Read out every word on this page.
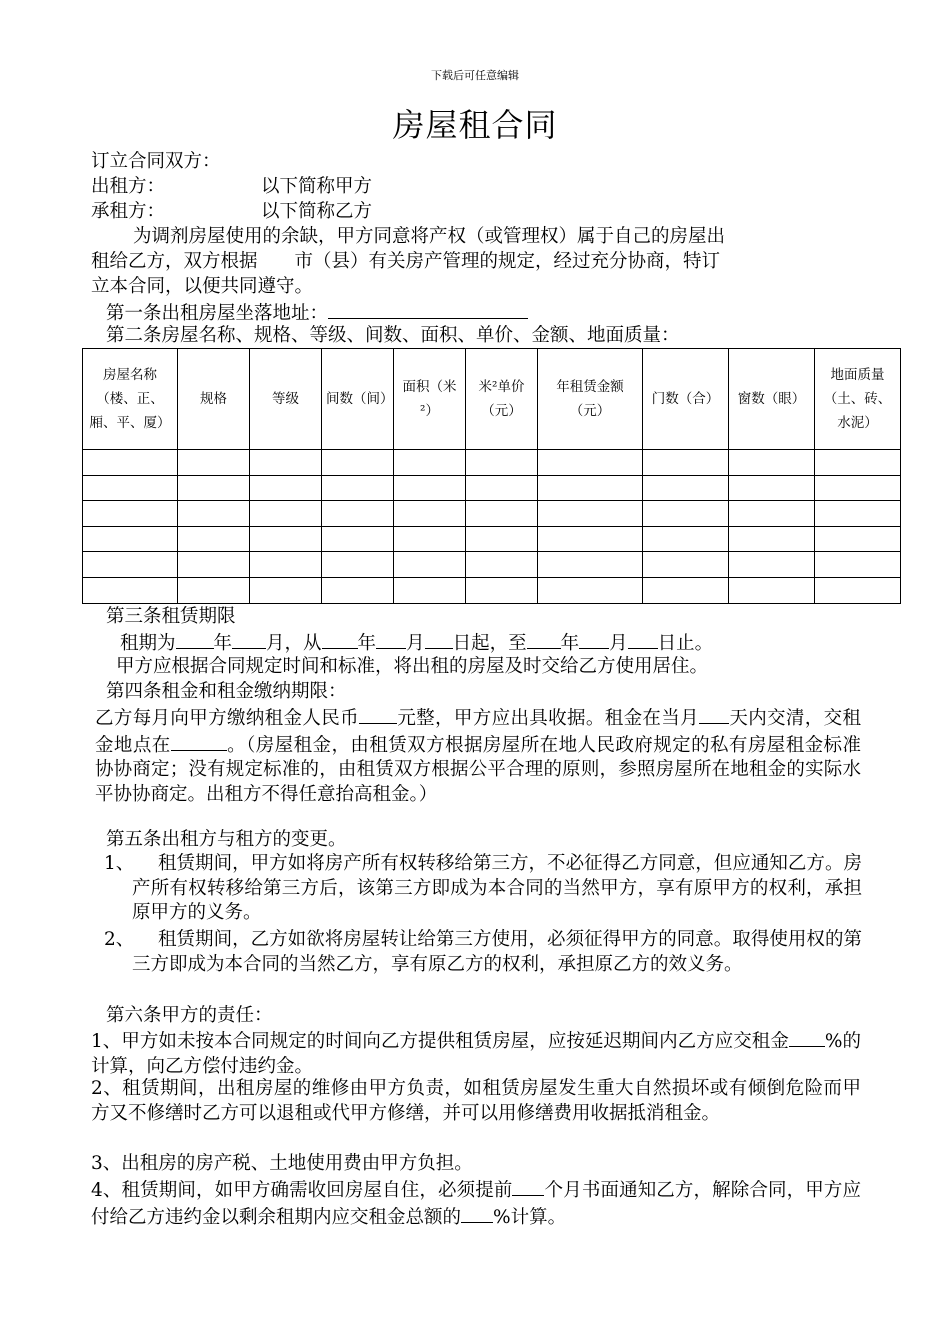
下载后可任意编辑
房屋租合同
订立合同双方：
出租方：	以下简称甲方
承租方：	以下简称乙方
为调剂房屋使用的余缺，甲方同意将产权（或管理权）属于自己的房屋出
租给乙方，双方根据　　市（县）有关房产管理的规定，经过充分协商，特订
立本合同，以便共同遵守。
第一条出租房屋坐落地址：
第二条房屋名称、规格、等级、间数、面积、单价、金额、地面质量：
房屋名称（楼、正、厢、平、厦）	规格	等级	间数（间）	面积（米²）	米²单价（元）	年租赁金额（元）	门数（合）	窗数（眼）	地面质量（土、砖、水泥）

第三条租赁期限
租期为 年 月，从 年 月 日起，至 年 月 日止。
甲方应根据合同规定时间和标准，将出租的房屋及时交给乙方使用居住。
第四条租金和租金缴纳期限：
乙方每月向甲方缴纳租金人民币 元整，甲方应出具收据。租金在当月 天内交清，交租金地点在	。（房屋租金，由租赁双方根据房屋所在地人民政府规定的私有房屋租金标准协协商定；没有规定标准的，由租赁双方根据公平合理的原则，参照房屋所在地租金的实际水平协协商定。出租方不得任意抬高租金。）
第五条出租方与租方的变更。
1、	租赁期间，甲方如将房产所有权转移给第三方，不必征得乙方同意，但应通知乙方。房产所有权转移给第三方后，该第三方即成为本合同的当然甲方，享有原甲方的权利，承担原甲方的义务。
2、	租赁期间，乙方如欲将房屋转让给第三方使用，必须征得甲方的同意。取得使用权的第三方即成为本合同的当然乙方，享有原乙方的权利，承担原乙方的效义务。
第六条甲方的责任：
1、甲方如未按本合同规定的时间向乙方提供租赁房屋，应按延迟期间内乙方应交租金 %的计算，向乙方偿付违约金。
2、租赁期间，出租房屋的维修由甲方负责，如租赁房屋发生重大自然损坏或有倾倒危险而甲方又不修缮时乙方可以退租或代甲方修缮，并可以用修缮费用收据抵消租金。
3、出租房的房产税、土地使用费由甲方负担。
4、租赁期间，如甲方确需收回房屋自住，必须提前 个月书面通知乙方，解除合同，甲方应付给乙方违约金以剩余租期内应交租金总额的 %计算。
